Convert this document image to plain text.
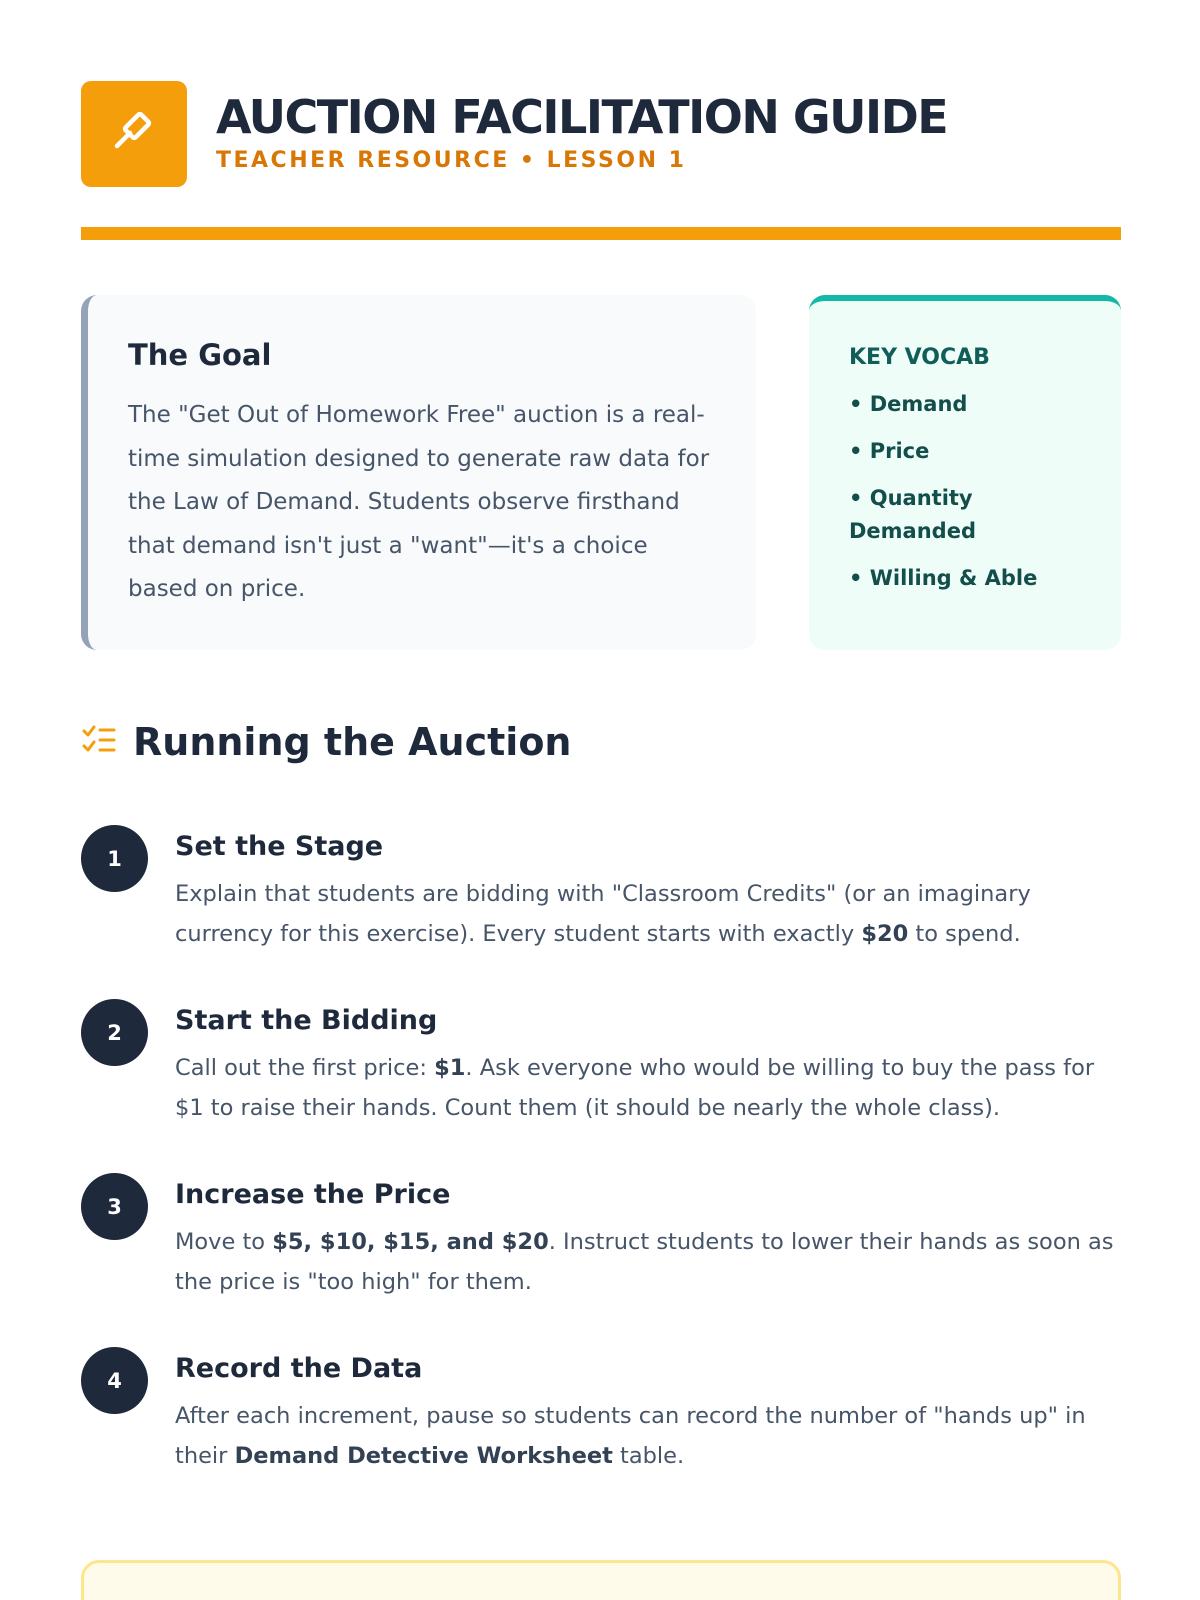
AUCTION FACILITATION GUIDE
TEACHER RESOURCE • LESSON 1
The Goal

The "Get Out of Homework Free" auction is a real-time simulation designed to generate raw data for the Law of Demand. Students observe firsthand that demand isn't just a "want"—it's a choice based on price.

KEY VOCAB
• Demand
• Price
• Quantity Demanded
• Willing & Able
Running the Auction
1	Set the Stage

Explain that students are bidding with "Classroom Credits" (or an imaginary currency for this exercise). Every student starts with exactly $20 to spend.

2	Start the Bidding

Call out the first price: $1. Ask everyone who would be willing to buy the pass for $1 to raise their hands. Count them (it should be nearly the whole class).

3	Increase the Price

Move to $5, $10, $15, and $20. Instruct students to lower their hands as soon as the price is "too high" for them.

4	Record the Data

After each increment, pause so students can record the number of "hands up" in their Demand Detective Worksheet table.
